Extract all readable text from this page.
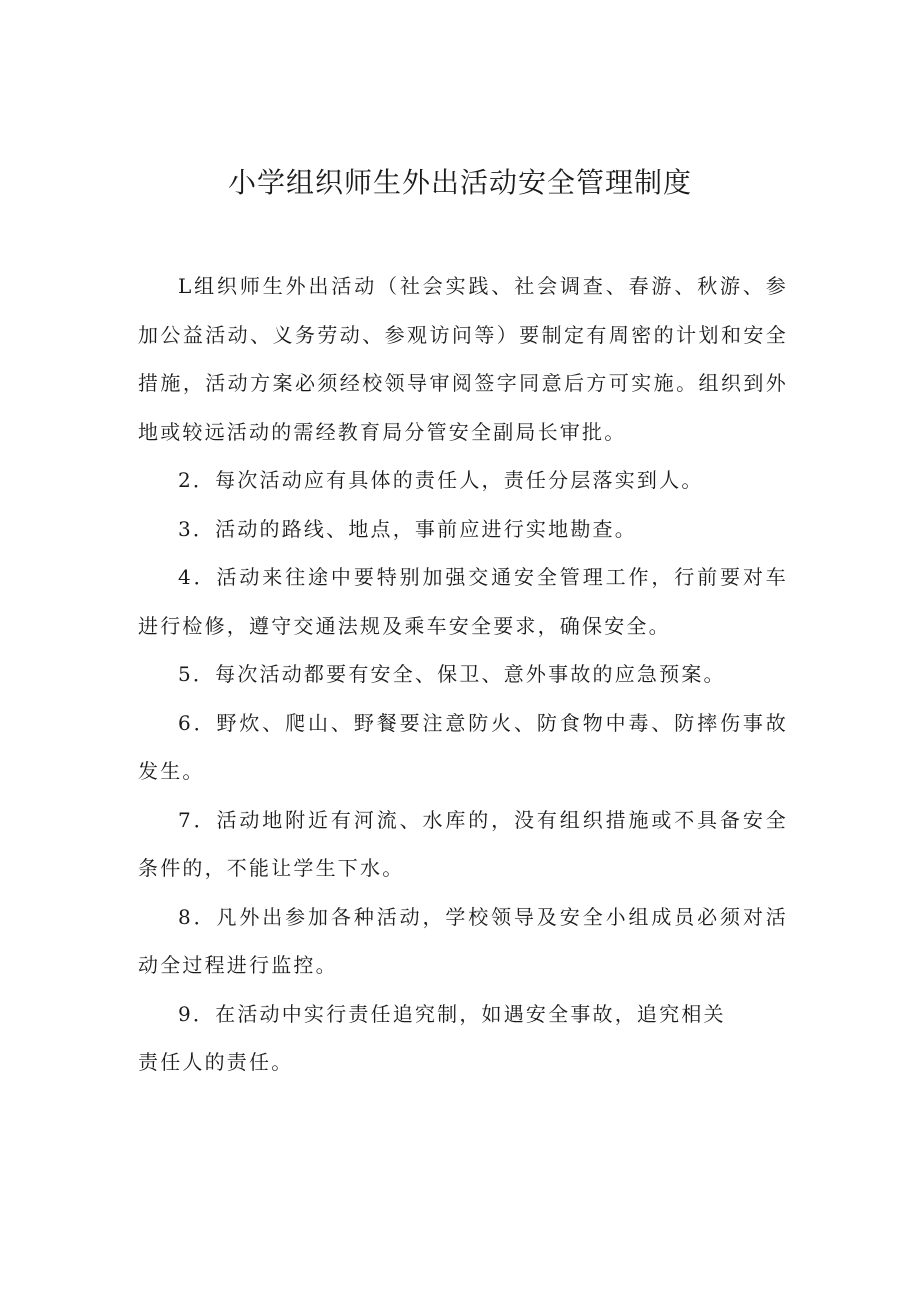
小学组织师生外出活动安全管理制度

L组织师生外出活动（社会实践、社会调查、春游、秋游、参加公益活动、义务劳动、参观访问等）要制定有周密的计划和安全措施，活动方案必须经校领导审阅签字同意后方可实施。组织到外地或较远活动的需经教育局分管安全副局长审批。

2．每次活动应有具体的责任人，责任分层落实到人。

3．活动的路线、地点，事前应进行实地勘查。

4．活动来往途中要特别加强交通安全管理工作，行前要对车进行检修，遵守交通法规及乘车安全要求，确保安全。

5．每次活动都要有安全、保卫、意外事故的应急预案。

6．野炊、爬山、野餐要注意防火、防食物中毒、防摔伤事故发生。

7．活动地附近有河流、水库的，没有组织措施或不具备安全条件的，不能让学生下水。

8．凡外出参加各种活动，学校领导及安全小组成员必须对活动全过程进行监控。

9．在活动中实行责任追究制，如遇安全事故，追究相关

责任人的责任。
